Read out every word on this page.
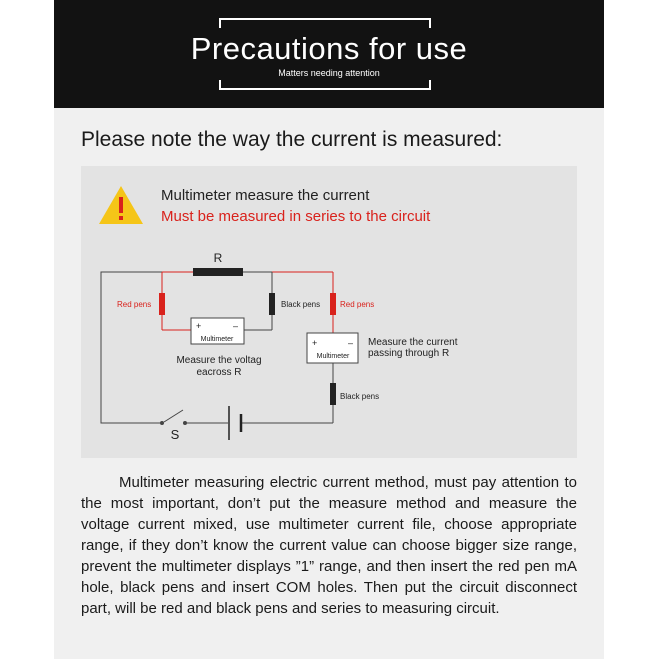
Precautions for use
Matters needing attention
Please note the way the current is measured:
Multimeter measure the current
Must be measured in series to the circuit
R
Red pens	Black pens Red pens
Black pens
+	–
Multimeter	+	–
Multimeter
Measure the voltag
eacross R
Measure the current
passing through R
S

Multimeter measuring electric current method, must pay attention to the most important, don’t put the measure method and measure the voltage current mixed, use multimeter current file, choose appropriate range, if they don’t know the current value can choose bigger size range, prevent the multimeter displays ”1” range, and then insert the red pen mA hole, black pens and insert COM holes. Then put the circuit disconnect part, will be red and black pens and series to measuring circuit.
